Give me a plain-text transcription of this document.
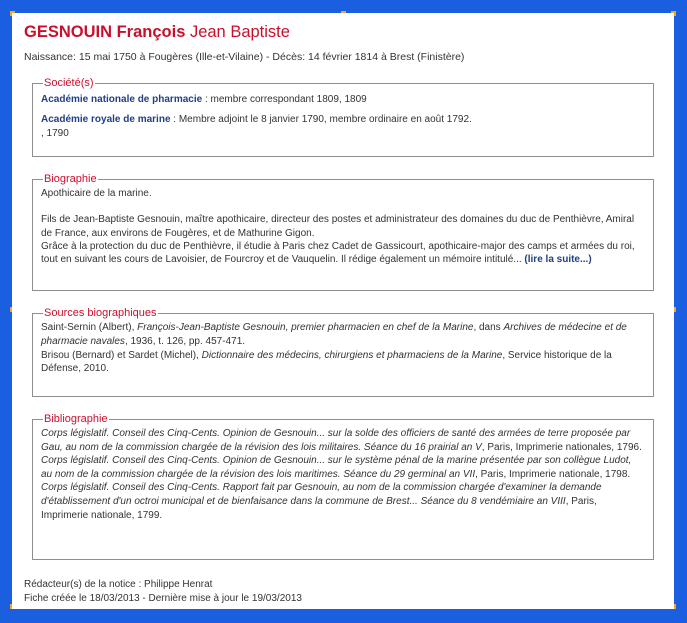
GESNOUIN François Jean Baptiste

Naissance: 15 mai 1750 à Fougères (Ille-et-Vilaine) - Décès: 14 février 1814 à Brest (Finistère)

Société(s)

Académie nationale de pharmacie : membre correspondant 1809, 1809

Académie royale de marine : Membre adjoint le 8 janvier 1790, membre ordinaire en août 1792.

, 1790

Biographie

Apothicaire de la marine.

Fils de Jean-Baptiste Gesnouin, maître apothicaire, directeur des postes et administrateur des domaines du duc de Penthièvre, Amiral de France, aux environs de Fougères, et de Mathurine Gigon.

Grâce à la protection du duc de Penthièvre, il étudie à Paris chez Cadet de Gassicourt, apothicaire-major des camps et armées du roi, tout en suivant les cours de Lavoisier, de Fourcroy et de Vauquelin. Il rédige également un mémoire intitulé... (lire la suite...)

Sources biographiques

Saint-Sernin (Albert), François-Jean-Baptiste Gesnouin, premier pharmacien en chef de la Marine, dans Archives de médecine et de pharmacie navales, 1936, t. 126, pp. 457-471.

Brisou (Bernard) et Sardet (Michel), Dictionnaire des médecins, chirurgiens et pharmaciens de la Marine, Service historique de la Défense, 2010.

Bibliographie

Corps législatif. Conseil des Cinq-Cents. Opinion de Gesnouin... sur la solde des officiers de santé des armées de terre proposée par Gau, au nom de la commission chargée de la révision des lois militaires. Séance du 16 prairial an V, Paris, Imprimerie nationales, 1796.

Corps législatif. Conseil des Cinq-Cents. Opinion de Gesnouin... sur le système pénal de la marine présentée par son collègue Ludot, au nom de la commission chargée de la révision des lois maritimes. Séance du 29 germinal an VII, Paris, Imprimerie nationale, 1798.

Corps législatif. Conseil des Cinq-Cents. Rapport fait par Gesnouin, au nom de la commission chargée d'examiner la demande d'établissement d'un octroi municipal et de bienfaisance dans la commune de Brest... Séance du 8 vendémiaire an VIII, Paris, Imprimerie nationale, 1799.

Rédacteur(s) de la notice : Philippe Henrat
Fiche créée le 18/03/2013 - Dernière mise à jour le 19/03/2013
